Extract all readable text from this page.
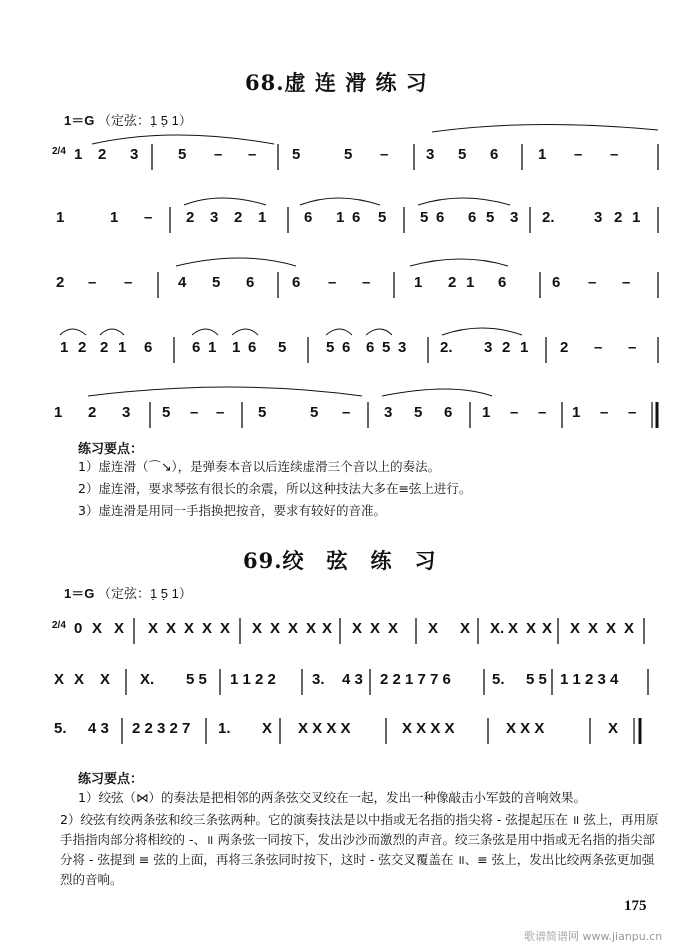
68.虚 连 滑 练 习
1＝G （定弦：1̣ 5̣ 1）
2/4 1 2 3	5 – – 5	5 –	3 5 6	1 – –
1	1 – 2 3 2 1	6 1 6 5 5 6 6 5 3 2.	3 2 1
2 – –	4 5 6	6 – –	1 2 1 6	6 – –
1 2 2 1 6	6 1 1 6 5	5 6 6 5 3 2. 3 2 1 2 – –
1 2 3 5 – – 5	5 – 3 5 6 1 – – 1 – –
练习要点：
1）虚连滑（⌒↘），是弹奏本音以后连续虚滑三个音以上的奏法。
2）虚连滑，要求琴弦有很长的余震，所以这种技法大多在≡弦上进行。
3）虚连滑是用同一手指换把按音，要求有较好的音准。
69.绞　弦　练　习
1＝G （定弦：1̣ 5̣ 1）
2/4 0 X X X X X X X X X X X X X X X X X X. X X X X X X X
X X X X. 5 5 1 1 2 2 3. 4 3 2 2 1 7 7 6	5. 5 5 1 1 2 3 4
5. 4 3 2 2 3 2 7 1. X X X X X	X X X X	X X X	X
练习要点：
1）绞弦（⋈）的奏法是把相邻的两条弦交叉绞在一起，发出一种像敲击小军鼓的音响效果。
2）绞弦有绞两条弦和绞三条弦两种。它的演奏技法是以中指或无名指的指尖将 - 弦提起压在 ॥ 弦上，再用原手指指肉部分将相绞的 -、॥ 两条弦一同按下，发出沙沙而激烈的声音。绞三条弦是用中指或无名指的指尖部分将 - 弦提到 ≡ 弦的上面，再将三条弦同时按下，这时 - 弦交叉覆盖在 ॥、≡ 弦上，发出比绞两条弦更加强烈的音响。
175
歌谱简谱网 www.jianpu.cn
